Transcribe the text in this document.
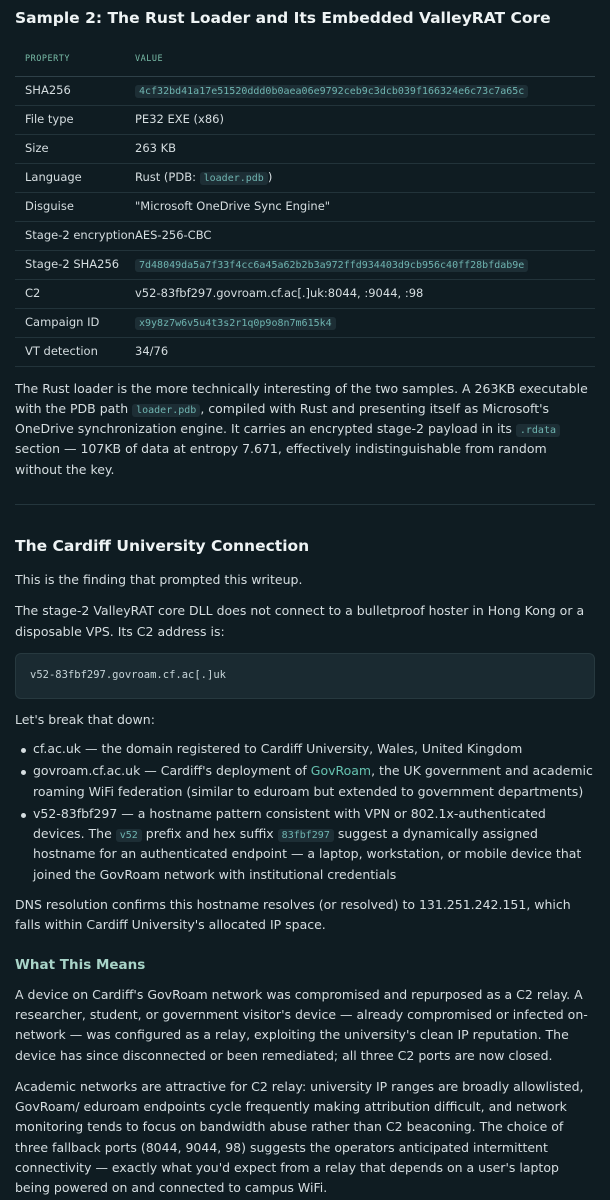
Sample 2: The Rust Loader and Its Embedded ValleyRAT Core
PROPERTY	VALUE
SHA256	4cf32bd41a17e51520ddd0b0aea06e9792ceb9c3dcb039f166324e6c73c7a65c
File type	PE32 EXE (x86)
Size	263 KB
Language	Rust (PDB: loader.pdb )
Disguise	"Microsoft OneDrive Sync Engine"
Stage-2 encryption	AES-256-CBC
Stage-2 SHA256	7d48049da5a7f33f4cc6a45a62b2b3a972ffd934403d9cb956c40ff28bfdab9e
C2	v52-83fbf297.govroam.cf.ac[.]uk:8044, :9044, :98
Campaign ID	x9y8z7w6v5u4t3s2r1q0p9o8n7m615k4
VT detection	34/76

The Rust loader is the more technically interesting of the two samples. A 263KB executable with the PDB path loader.pdb , compiled with Rust and presenting itself as Microsoft's OneDrive synchronization engine. It carries an encrypted stage-2 payload in its .rdata section — 107KB of data at entropy 7.671, effectively indistinguishable from random without the key.

The Cardiff University Connection

This is the finding that prompted this writeup.

The stage-2 ValleyRAT core DLL does not connect to a bulletproof hoster in Hong Kong or a disposable VPS. Its C2 address is:

v52-83fbf297.govroam.cf.ac[.]uk

Let's break that down:

cf.ac.uk — the domain registered to Cardiff University, Wales, United Kingdom
govroam.cf.ac.uk — Cardiff's deployment of GovRoam, the UK government and academic roaming WiFi federation (similar to eduroam but extended to government departments)
v52-83fbf297 — a hostname pattern consistent with VPN or 802.1x-authenticated devices. The v52 prefix and hex suffix 83fbf297 suggest a dynamically assigned hostname for an authenticated endpoint — a laptop, workstation, or mobile device that joined the GovRoam network with institutional credentials

DNS resolution confirms this hostname resolves (or resolved) to 131.251.242.151, which falls within Cardiff University's allocated IP space.

What This Means

A device on Cardiff's GovRoam network was compromised and repurposed as a C2 relay. A researcher, student, or government visitor's device — already compromised or infected on-network — was configured as a relay, exploiting the university's clean IP reputation. The device has since disconnected or been remediated; all three C2 ports are now closed.

Academic networks are attractive for C2 relay: university IP ranges are broadly allowlisted, GovRoam/ eduroam endpoints cycle frequently making attribution difficult, and network monitoring tends to focus on bandwidth abuse rather than C2 beaconing. The choice of three fallback ports (8044, 9044, 98) suggests the operators anticipated intermittent connectivity — exactly what you'd expect from a relay that depends on a user's laptop being powered on and connected to campus WiFi.
